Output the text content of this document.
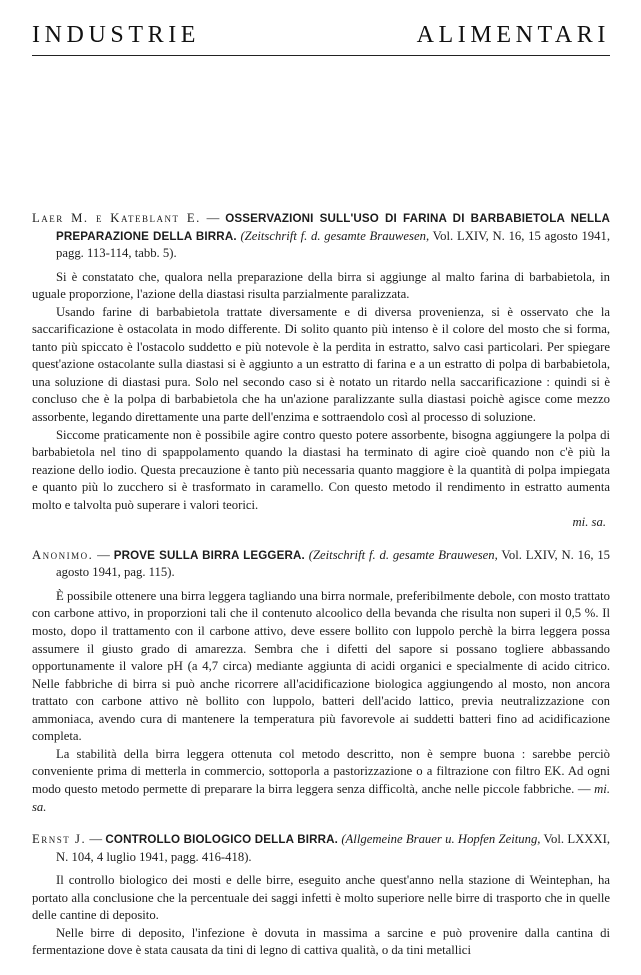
INDUSTRIE ALIMENTARI

Laer M. e Kateblant E. — OSSERVAZIONI SULL'USO DI FARINA DI BARBABIETOLA NELLA PREPARAZIONE DELLA BIRRA. (Zeitschrift f. d. gesamte Brauwesen, Vol. LXIV, N. 16, 15 agosto 1941, pagg. 113-114, tabb. 5).

Si è constatato che, qualora nella preparazione della birra si aggiunge al malto farina di barbabietola, in uguale proporzione, l'azione della diastasi risulta parzialmente paralizzata.

Usando farine di barbabietola trattate diversamente e di diversa provenienza, si è osservato che la saccarificazione è ostacolata in modo differente. Di solito quanto più intenso è il colore del mosto che si forma, tanto più spiccato è l'ostacolo suddetto e più notevole è la perdita in estratto, salvo casi particolari. Per spiegare quest'azione ostacolante sulla diastasi si è aggiunto a un estratto di farina e a un estratto di polpa di barbabietola, una soluzione di diastasi pura. Solo nel secondo caso si è notato un ritardo nella saccarificazione : quindi si è concluso che è la polpa di barbabietola che ha un'azione paralizzante sulla diastasi poichè agisce come mezzo assorbente, legando direttamente una parte dell'enzima e sottraendolo così al processo di soluzione.

Siccome praticamente non è possibile agire contro questo potere assorbente, bisogna aggiungere la polpa di barbabietola nel tino di spappolamento quando la diastasi ha terminato di agire cioè quando non c'è più la reazione dello iodio. Questa precauzione è tanto più necessaria quanto maggiore è la quantità di polpa impiegata e quanto più lo zucchero si è trasformato in caramello. Con questo metodo il rendimento in estratto aumenta molto e talvolta può superare i valori teorici.

mi. sa.

Anonimo. — PROVE SULLA BIRRA LEGGERA. (Zeitschrift f. d. gesamte Brauwesen, Vol. LXIV, N. 16, 15 agosto 1941, pag. 115).

È possibile ottenere una birra leggera tagliando una birra normale, preferibilmente debole, con mosto trattato con carbone attivo, in proporzioni tali che il contenuto alcoolico della bevanda che risulta non superi il 0,5 %. Il mosto, dopo il trattamento con il carbone attivo, deve essere bollito con luppolo perchè la birra leggera possa assumere il giusto grado di amarezza. Sembra che i difetti del sapore si possano togliere abbassando opportunamente il valore pH (a 4,7 circa) mediante aggiunta di acidi organici e specialmente di acido citrico. Nelle fabbriche di birra si può anche ricorrere all'acidificazione biologica aggiungendo al mosto, non ancora trattato con carbone attivo nè bollito con luppolo, batteri dell'acido lattico, previa neutralizzazione con ammoniaca, avendo cura di mantenere la temperatura più favorevole ai suddetti batteri fino ad acidificazione completa.

La stabilità della birra leggera ottenuta col metodo descritto, non è sempre buona : sarebbe perciò conveniente prima di metterla in commercio, sottoporla a pastorizzazione o a filtrazione con filtro EK. Ad ogni modo questo metodo permette di preparare la birra leggera senza difficoltà, anche nelle piccole fabbriche. — mi. sa.

Ernst J. — CONTROLLO BIOLOGICO DELLA BIRRA. (Allgemeine Brauer u. Hopfen Zeitung, Vol. LXXXI, N. 104, 4 luglio 1941, pagg. 416-418).

Il controllo biologico dei mosti e delle birre, eseguito anche quest'anno nella stazione di Weintephan, ha portato alla conclusione che la percentuale dei saggi infetti è molto superiore nelle birre di trasporto che in quelle delle cantine di deposito.

Nelle birre di deposito, l'infezione è dovuta in massima a sarcine e può provenire dalla cantina di fermentazione dove è stata causata da tini di legno di cattiva qualità, o da tini metallici
